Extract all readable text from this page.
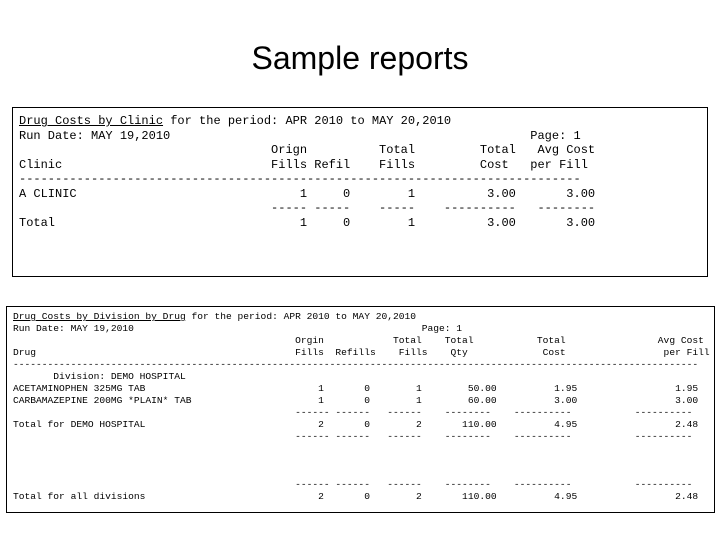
Sample reports
Drug Costs by Clinic for the period: APR 2010 to MAY 20,2010
Run Date: MAY 19,2010                                                  Page: 1
Orign          Total         Total   Avg Cost
Clinic                             Fills Refil    Fills         Cost   per Fill
------------------------------------------------------------------------------
A CLINIC                               1     0        1          3.00       3.00
----- -----    -----    ----------   --------
Total                                  1     0        1          3.00       3.00
Drug Costs by Division by Drug for the period: APR 2010 to MAY 20,2010
Run Date: MAY 19,2010                                                  Page: 1
Orgin            Total    Total           Total                Avg Cost
Drug                                             Fills  Refills    Fills    Qty             Cost                 per Fill
-----------------------------------------------------------------------------------------------------------------------
Division: DEMO HOSPITAL
ACETAMINOPHEN 325MG TAB                              1       0        1        50.00          1.95                 1.95
CARBAMAZEPINE 200MG *PLAIN* TAB                      1       0        1        60.00          3.00                 3.00
------ ------   ------    --------    ----------           ----------
Total for DEMO HOSPITAL                              2       0        2       110.00          4.95                 2.48
------ ------   ------    --------    ----------           ----------

------ ------   ------    --------    ----------           ----------
Total for all divisions                              2       0        2       110.00          4.95                 2.48
